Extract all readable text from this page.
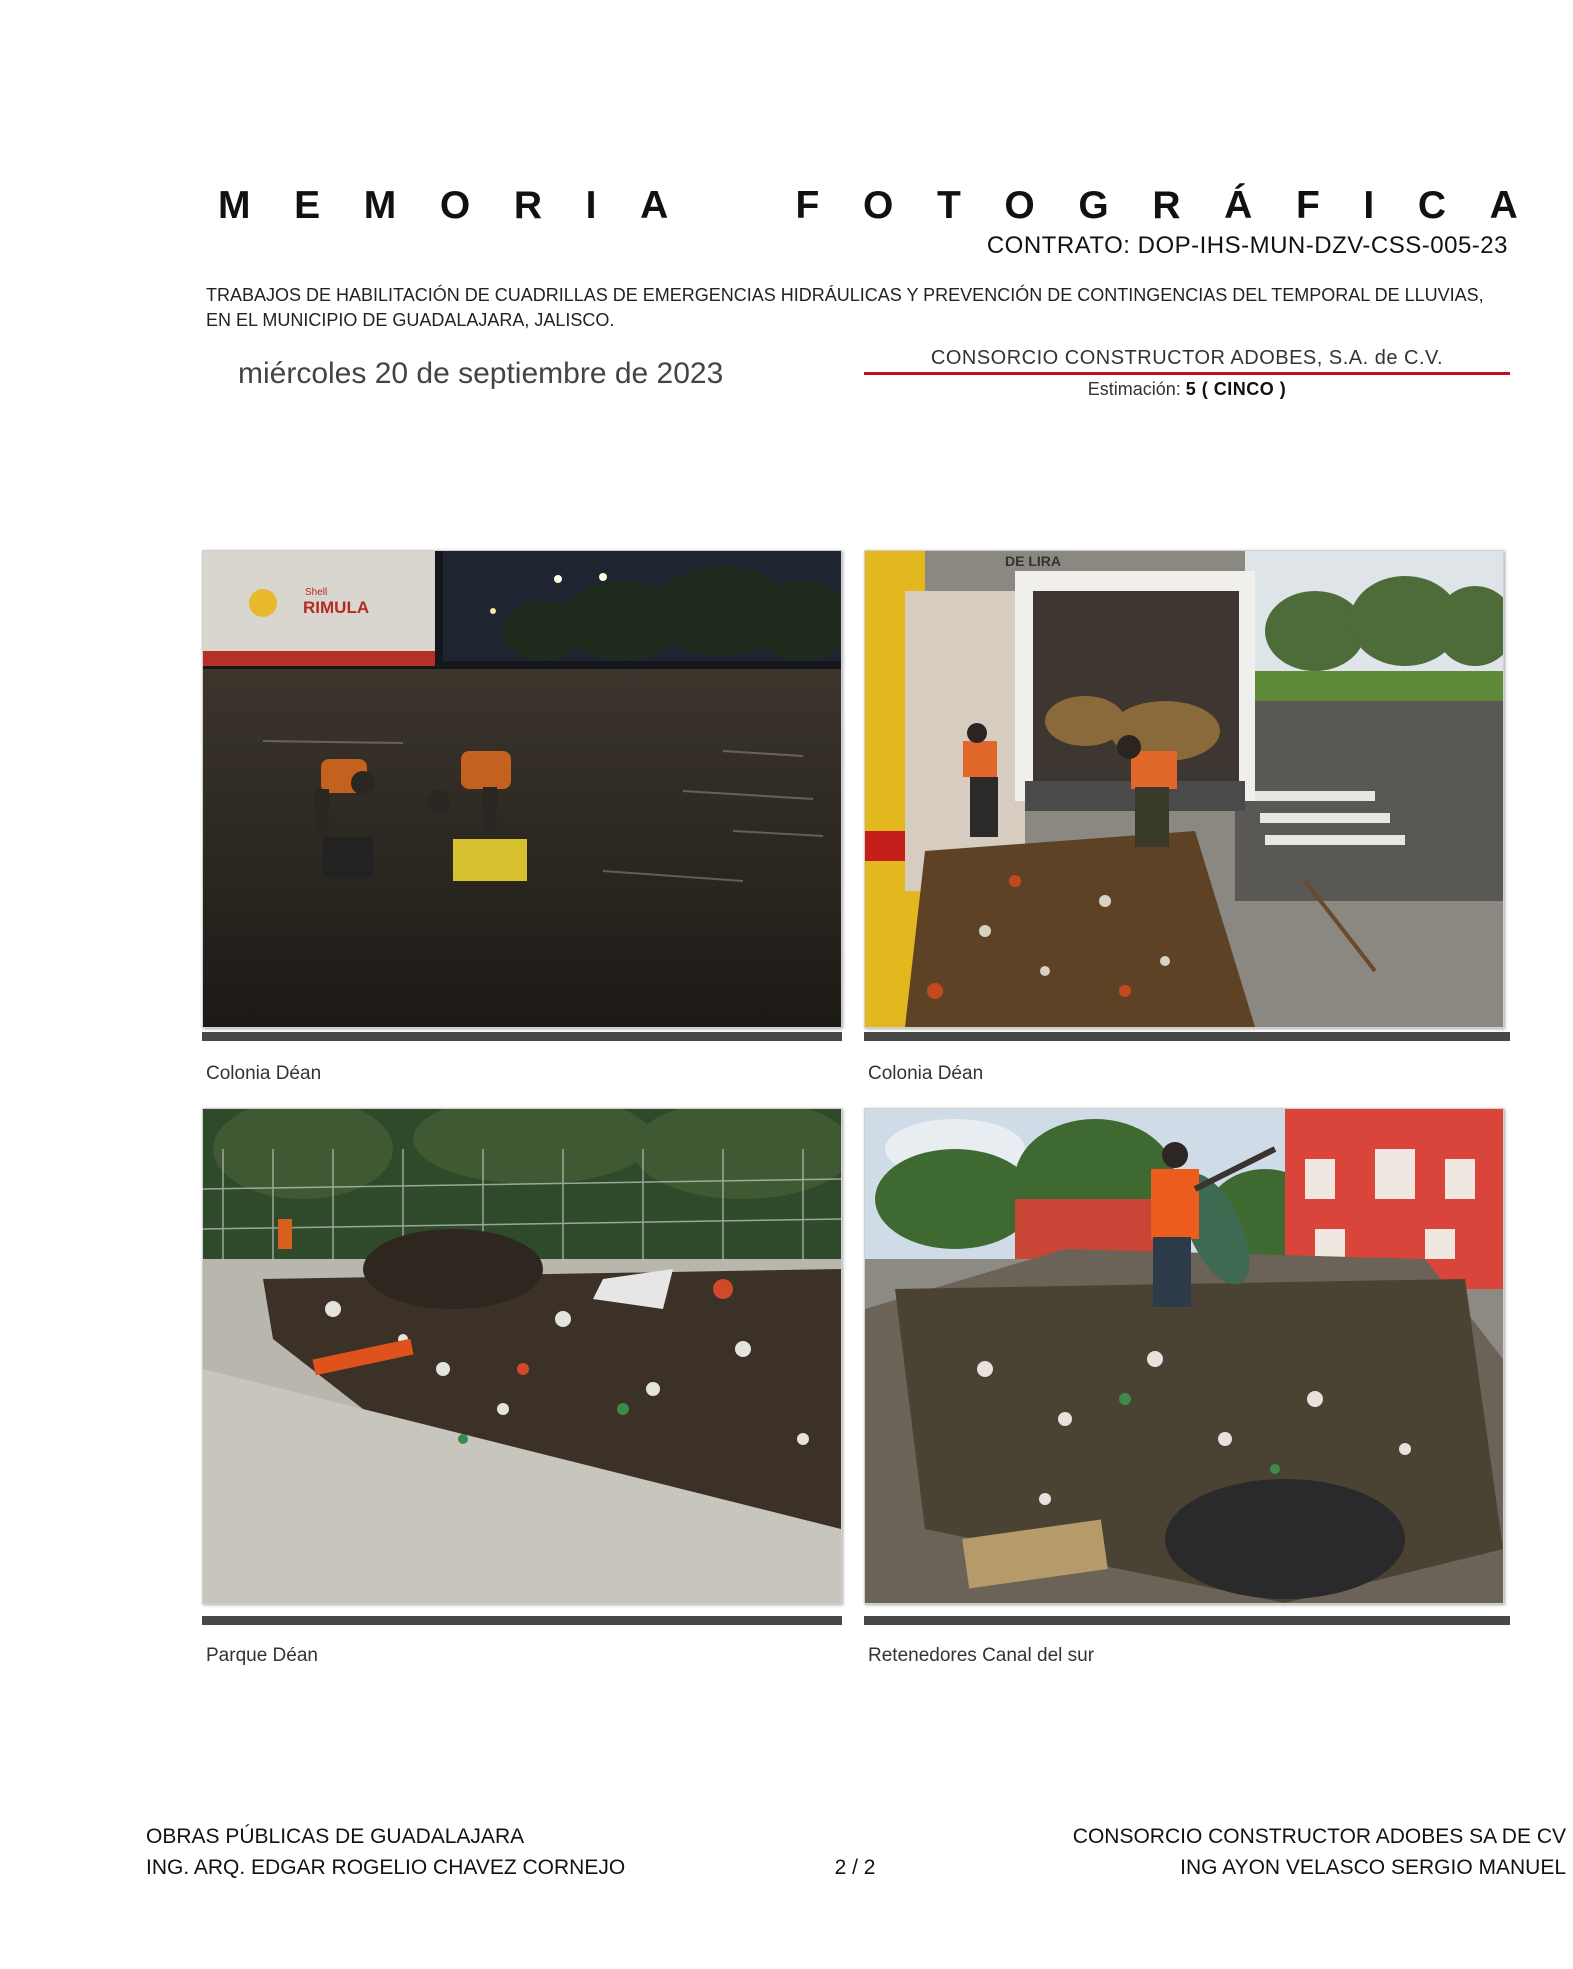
M E M O R I A	F O T O G R Á F I C A
CONTRATO: DOP-IHS-MUN-DZV-CSS-005-23
TRABAJOS DE HABILITACIÓN DE CUADRILLAS DE EMERGENCIAS HIDRÁULICAS Y PREVENCIÓN DE CONTINGENCIAS DEL TEMPORAL DE LLUVIAS,
EN EL MUNICIPIO DE GUADALAJARA, JALISCO.
miércoles 20 de septiembre de 2023	CONSORCIO CONSTRUCTOR ADOBES, S.A. de C.V.
Estimación: 5 ( CINCO )
RIMULA
Shell
Colonia Déan
DE LIRA
Colonia Déan
Parque Déan	Retenedores Canal del sur
OBRAS PÚBLICAS DE GUADALAJARA
ING. ARQ. EDGAR ROGELIO CHAVEZ CORNEJO	2 / 2
CONSORCIO CONSTRUCTOR ADOBES SA DE CV
ING AYON VELASCO SERGIO MANUEL
